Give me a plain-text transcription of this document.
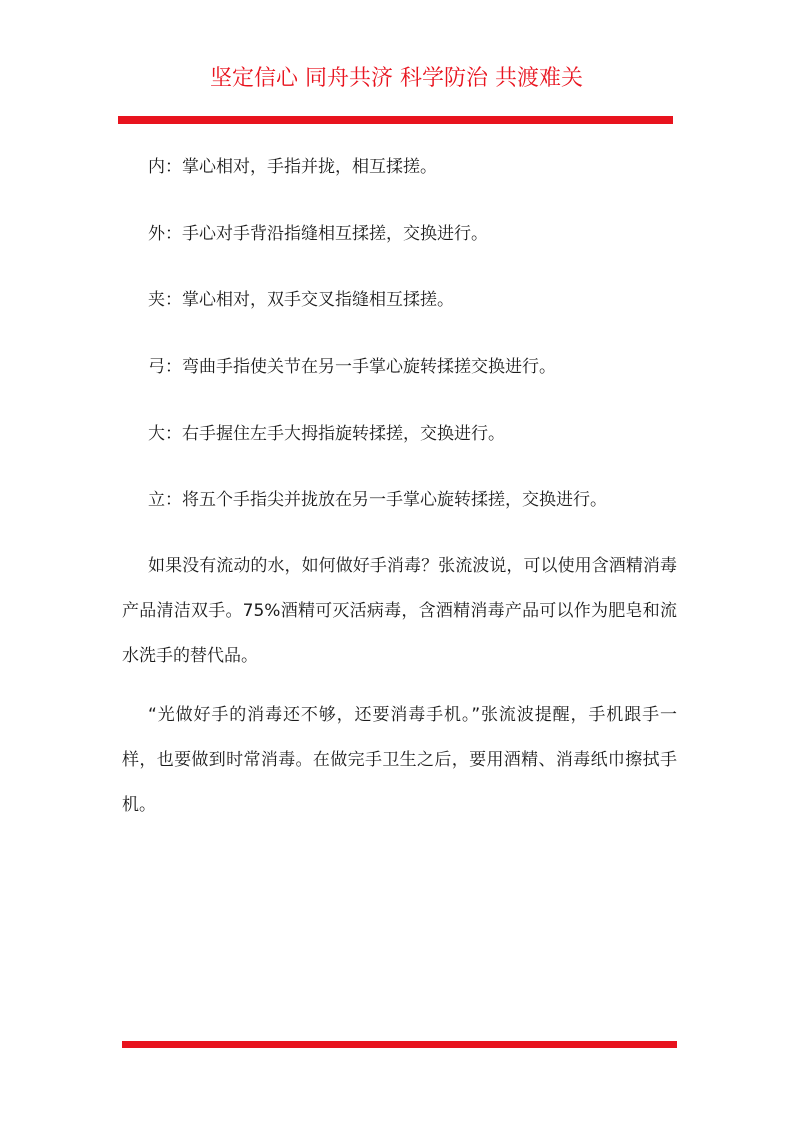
坚定信心 同舟共济 科学防治 共渡难关
内：掌心相对，手指并拢，相互揉搓。
外：手心对手背沿指缝相互揉搓，交换进行。
夹：掌心相对，双手交叉指缝相互揉搓。
弓：弯曲手指使关节在另一手掌心旋转揉搓交换进行。
大：右手握住左手大拇指旋转揉搓，交换进行。
立：将五个手指尖并拢放在另一手掌心旋转揉搓，交换进行。
如果没有流动的水，如何做好手消毒？张流波说，可以使用含酒精消毒产品清洁双手。75%酒精可灭活病毒，含酒精消毒产品可以作为肥皂和流水洗手的替代品。
“光做好手的消毒还不够，还要消毒手机。”张流波提醒，手机跟手一样，也要做到时常消毒。在做完手卫生之后，要用酒精、消毒纸巾擦拭手机。
